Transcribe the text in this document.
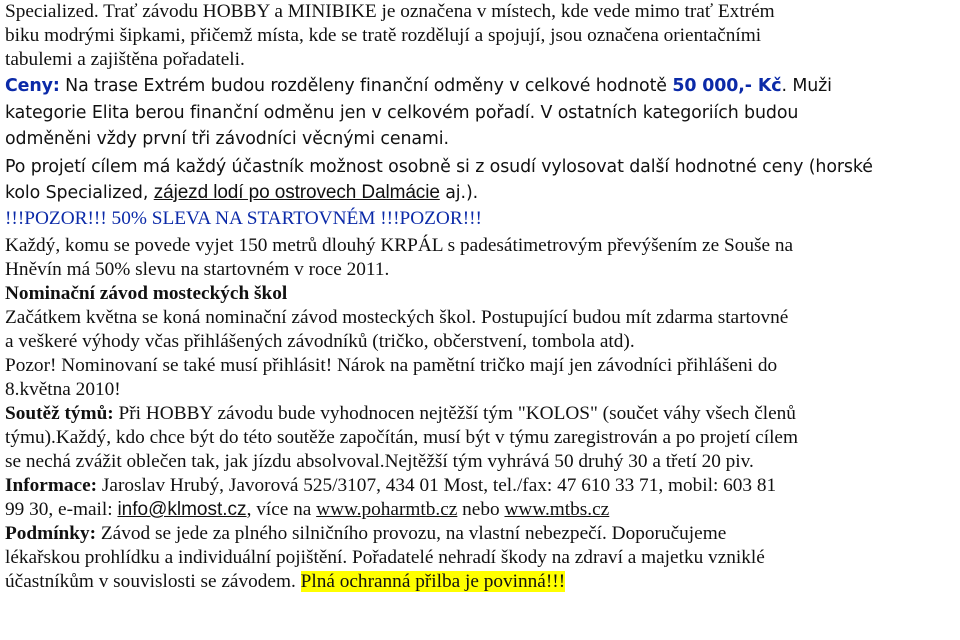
Specialized. Trať závodu HOBBY a MINIBIKE je označena v místech, kde vede mimo trať Extrém

biku modrými šipkami, přičemž místa, kde se tratě rozdělují a spojují, jsou označena orientačními

tabulemi a zajištěna pořadateli.

Ceny: Na trase Extrém budou rozděleny finanční odměny v celkové hodnotě 50 000,- Kč. Muži

kategorie Elita berou finanční odměnu jen v celkovém pořadí. V ostatních kategoriích budou

odměněni vždy první tři závodníci věcnými cenami.

Po projetí cílem má každý účastník možnost osobně si z osudí vylosovat další hodnotné ceny (horské

kolo Specialized, zájezd lodí po ostrovech Dalmácie aj.).

!!!POZOR!!! 50% SLEVA NA STARTOVNÉM !!!POZOR!!!

Každý, komu se povede vyjet 150 metrů dlouhý KRPÁL s padesátimetrovým převýšením ze Souše na

Hněvín má 50% slevu na startovném v roce 2011.

Nominační závod mosteckých škol

Začátkem května se koná nominační závod mosteckých škol. Postupující budou mít zdarma startovné

a veškeré výhody včas přihlášených závodníků (tričko, občerstvení, tombola atd).

Pozor! Nominovaní se také musí přihlásit! Nárok na pamětní tričko mají jen závodníci přihlášeni do

8.května 2010!

Soutěž týmů: Při HOBBY závodu bude vyhodnocen nejtěžší tým "KOLOS" (součet váhy všech členů

týmu).Každý, kdo chce být do této soutěže započítán, musí být v týmu zaregistrován a po projetí cílem

se nechá zvážit oblečen tak, jak jízdu absolvoval.Nejtěžší tým vyhrává 50 druhý 30 a třetí 20 piv.

Informace: Jaroslav Hrubý, Javorová 525/3107, 434 01 Most, tel./fax: 47 610 33 71, mobil: 603 81

99 30, e-mail: info@klmost.cz, více na www.poharmtb.cz nebo www.mtbs.cz

Podmínky: Závod se jede za plného silničního provozu, na vlastní nebezpečí. Doporučujeme

lékařskou prohlídku a individuální pojištění. Pořadatelé nehradí škody na zdraví a majetku vzniklé

účastníkům v souvislosti se závodem. Plná ochranná přilba je povinná!!!
